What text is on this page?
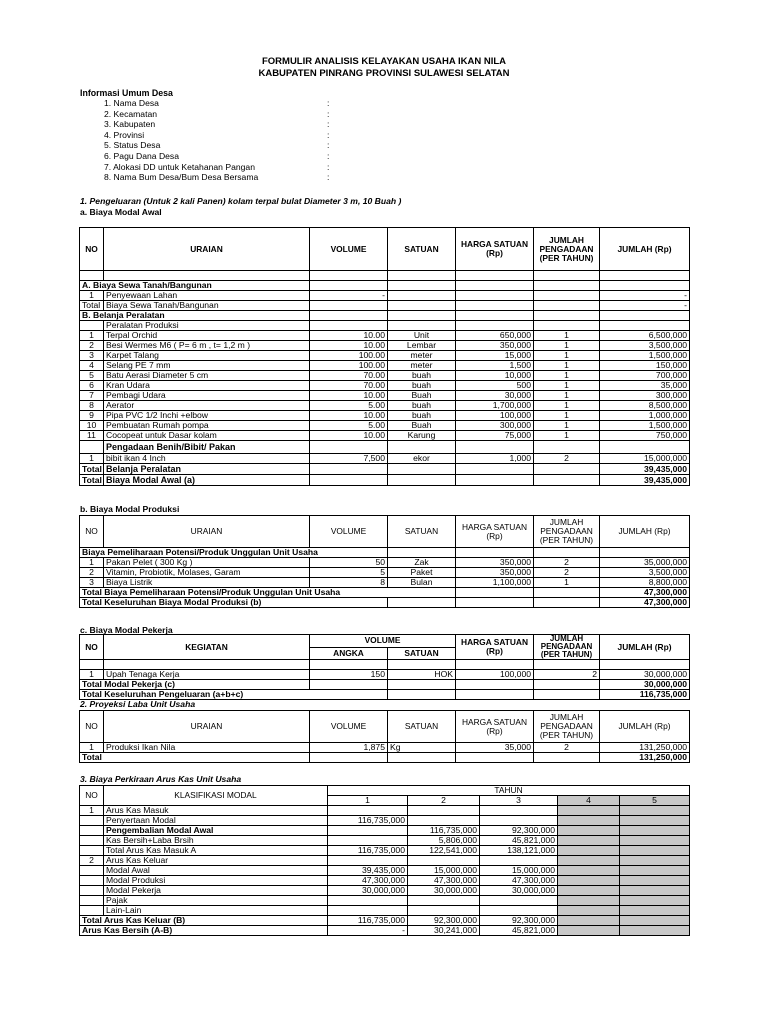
FORMULIR ANALISIS KELAYAKAN USAHA IKAN NILA
KABUPATEN PINRANG PROVINSI SULAWESI SELATAN
Informasi Umum Desa
1. Nama Desa	:
2. Kecamatan	:
3. Kabupaten	:
4. Provinsi	:
5. Status Desa	:
6. Pagu Dana Desa	:
7. Alokasi DD untuk Ketahanan Pangan	:
8. Nama Bum Desa/Bum Desa Bersama	:
1. Pengeluaran (Untuk 2 kali Panen) kolam terpal bulat Diameter 3 m, 10 Buah )
a. Biaya Modal Awal
NO	URAIAN	VOLUME	SATUAN	HARGA SATUAN (Rp)	JUMLAH PENGADAAN (PER TAHUN)	JUMLAH (Rp)

A. Biaya Sewa Tanah/Bangunan						
1	Penyewaan Lahan	-				-
Total	Biaya Sewa Tanah/Bangunan					-
B. Belanja Peralatan						
	Peralatan Produksi					
1	Terpal Orchid	10.00	Unit	650,000	1	6,500,000
2	Besi Wermes M6 ( P= 6 m , t= 1,2 m )	10.00	Lembar	350,000	1	3,500,000
3	Karpet Talang	100.00	meter	15,000	1	1,500,000
4	Selang PE 7 mm	100.00	meter	1,500	1	150,000
5	Batu Aerasi Diameter 5 cm	70.00	buah	10,000	1	700,000
6	Kran Udara	70.00	buah	500	1	35,000
7	Pembagi Udara	10.00	Buah	30,000	1	300,000
8	Aerator	5.00	buah	1,700,000	1	8,500,000
9	Pipa PVC 1/2 Inchi +elbow	10.00	buah	100,000	1	1,000,000
10	Pembuatan Rumah pompa	5.00	Buah	300,000	1	1,500,000
11	Cocopeat untuk Dasar kolam	10.00	Karung	75,000	1	750,000
	Pengadaan Benih/Bibit/ Pakan					
1	bibit ikan 4 Inch	7,500	ekor	1,000	2	15,000,000
Total	Belanja Peralatan					39,435,000
Total	Biaya Modal Awal (a)					39,435,000
b. Biaya Modal Produksi
NO	URAIAN	VOLUME	SATUAN	HARGA SATUAN (Rp)	JUMLAH PENGADAAN (PER TAHUN)	JUMLAH (Rp)
Biaya Pemeliharaan Potensi/Produk Unggulan Unit Usaha						
1	Pakan Pelet ( 300 Kg )	50	Zak	350,000	2	35,000,000
2	Vitamin, Probiotik, Molases, Garam	5	Paket	350,000	2	3,500,000
3	Biaya Listrik	8	Bulan	1,100,000	1	8,800,000
Total Biaya Pemeliharaan Potensi/Produk Unggulan Unit Usaha						47,300,000
Total Keseluruhan Biaya Modal Produksi (b)						47,300,000
c. Biaya Modal Pekerja
NO	KEGIATAN	VOLUME		HARGA SATUAN (Rp)	JUMLAH PENGADAAN (PER TAHUN)	JUMLAH (Rp)
		ANGKA	SATUAN			

1	Upah Tenaga Kerja	150	HOK	100,000	2	30,000,000
Total Modal Pekerja (c)						30,000,000
Total Keseluruhan Pengeluaran (a+b+c)						116,735,000
2. Proyeksi Laba Unit Usaha
NO	URAIAN	VOLUME	SATUAN	HARGA SATUAN (Rp)	JUMLAH PENGADAAN (PER TAHUN)	JUMLAH (Rp)
1	Produksi Ikan Nila	1,875	Kg	35,000	2	131,250,000
Total						131,250,000
3. Biaya Perkiraan Arus Kas Unit Usaha
NO	KLASIFIKASI MODAL	TAHUN				
		1	2	3	4	5
1	Arus Kas Masuk					
	Penyertaan Modal	116,735,000				
	Pengembalian Modal Awal		116,735,000	92,300,000		
	Kas Bersih+Laba Brsih		5,806,000	45,821,000		
	Total Arus Kas Masuk A	116,735,000	122,541,000	138,121,000		
2	Arus Kas Keluar					
	Modal Awal	39,435,000	15,000,000	15,000,000		
	Modal Produksi	47,300,000	47,300,000	47,300,000		
	Modal Pekerja	30,000,000	30,000,000	30,000,000		
	Pajak					
	Lain-Lain					
Total Arus Kas Keluar (B)		116,735,000	92,300,000	92,300,000		
Arus Kas Bersih (A-B)		-	30,241,000	45,821,000		
